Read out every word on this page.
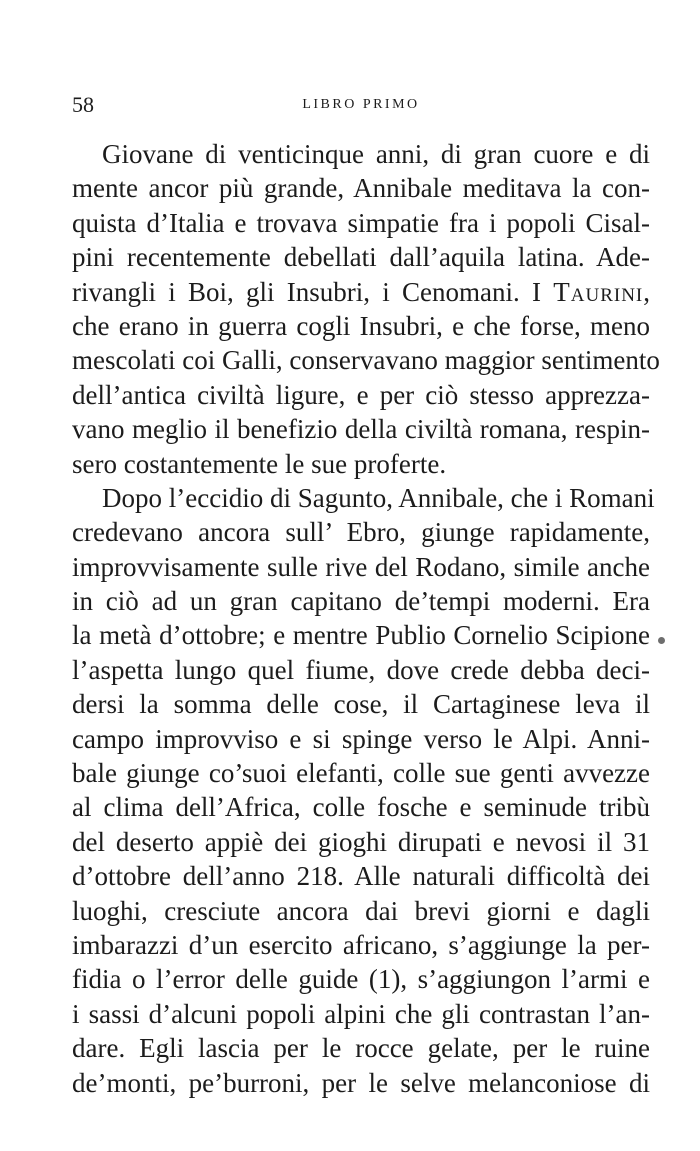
58	LIBRO PRIMO
Giovane di venticinque anni, di gran cuore e di
mente ancor più grande, Annibale meditava la con-
quista d’Italia e trovava simpatie fra i popoli Cisal-
pini recentemente debellati dall’aquila latina. Ade-
rivangli i Boi, gli Insubri, i Cenomani. I Taurini,
che erano in guerra cogli Insubri, e che forse, meno
mescolati coi Galli, conservavano maggior sentimento
dell’antica civiltà ligure, e per ciò stesso apprezza-
vano meglio il benefizio della civiltà romana, respin-
sero costantemente le sue proferte.
Dopo l’eccidio di Sagunto, Annibale, che i Romani
credevano ancora sull’ Ebro, giunge rapidamente,
improvvisamente sulle rive del Rodano, simile anche
in ciò ad un gran capitano de’tempi moderni. Era
la metà d’ottobre; e mentre Publio Cornelio Scipione
l’aspetta lungo quel fiume, dove crede debba deci-
dersi la somma delle cose, il Cartaginese leva il
campo improvviso e si spinge verso le Alpi. Anni-
bale giunge co’suoi elefanti, colle sue genti avvezze
al clima dell’Africa, colle fosche e seminude tribù
del deserto appiè dei gioghi dirupati e nevosi il 31
d’ottobre dell’anno 218. Alle naturali difficoltà dei
luoghi, cresciute ancora dai brevi giorni e dagli
imbarazzi d’un esercito africano, s’aggiunge la per-
fidia o l’error delle guide (1), s’aggiungon l’armi e
i sassi d’alcuni popoli alpini che gli contrastan l’an-
dare. Egli lascia per le rocce gelate, per le ruine
de’monti, pe’burroni, per le selve melanconiose di
